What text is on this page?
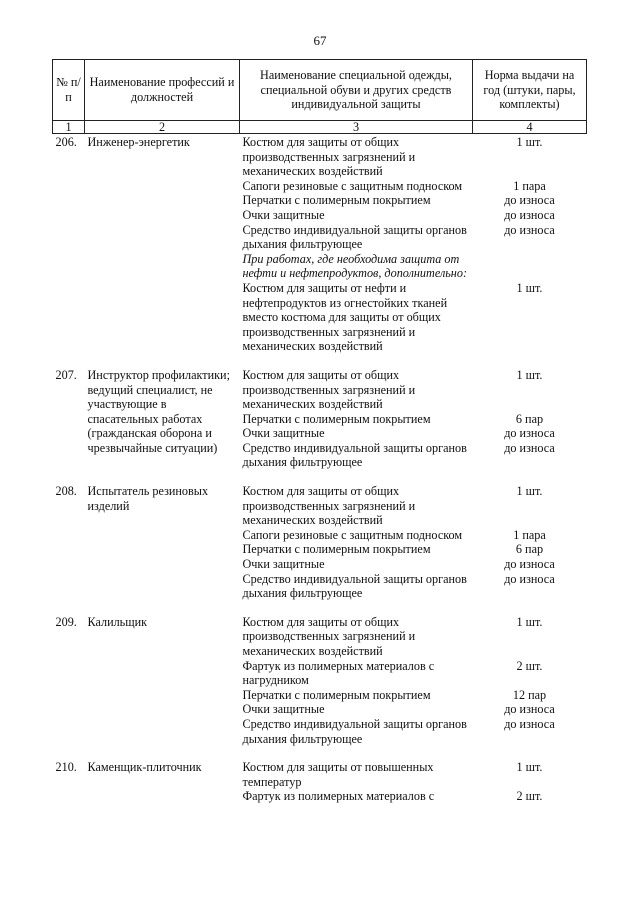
67
№ п/п	Наименование профессий и должностей	Наименование специальной одежды, специальной обуви и других средств индивидуальной защиты	Норма выдачи на год (штуки, пары, комплекты)
1	2	3	4
206.	Инженер-энергетик	Костюм для защиты от общих производственных загрязнений и механических воздействий	1 шт.
		Сапоги резиновые с защитным подноском	1 пара
		Перчатки с полимерным покрытием	до износа
		Очки защитные	до износа
		Средство индивидуальной защиты органов дыхания фильтрующее	до износа
		При работах, где необходима защита от нефти и нефтепродуктов, дополнительно:	
		Костюм для защиты от нефти и нефтепродуктов из огнестойких тканей вместо костюма для защиты от общих производственных загрязнений и механических воздействий	1 шт.

207.	Инструктор профилактики; ведущий специалист, не участвующие в спасательных работах (гражданская оборона и чрезвычайные ситуации)	Костюм для защиты от общих производственных загрязнений и механических воздействий	1 шт.
		Перчатки с полимерным покрытием	6 пар
		Очки защитные	до износа
		Средство индивидуальной защиты органов дыхания фильтрующее	до износа

208.	Испытатель резиновых изделий	Костюм для защиты от общих производственных загрязнений и механических воздействий	1 шт.
		Сапоги резиновые с защитным подноском	1 пара
		Перчатки с полимерным покрытием	6 пар
		Очки защитные	до износа
		Средство индивидуальной защиты органов дыхания фильтрующее	до износа

209.	Калильщик	Костюм для защиты от общих производственных загрязнений и механических воздействий	1 шт.
		Фартук из полимерных материалов с нагрудником	2 шт.
		Перчатки с полимерным покрытием	12 пар
		Очки защитные	до износа
		Средство индивидуальной защиты органов дыхания фильтрующее	до износа

210.	Каменщик-плиточник	Костюм для защиты от повышенных температур	1 шт.
		Фартук из полимерных материалов с	2 шт.
